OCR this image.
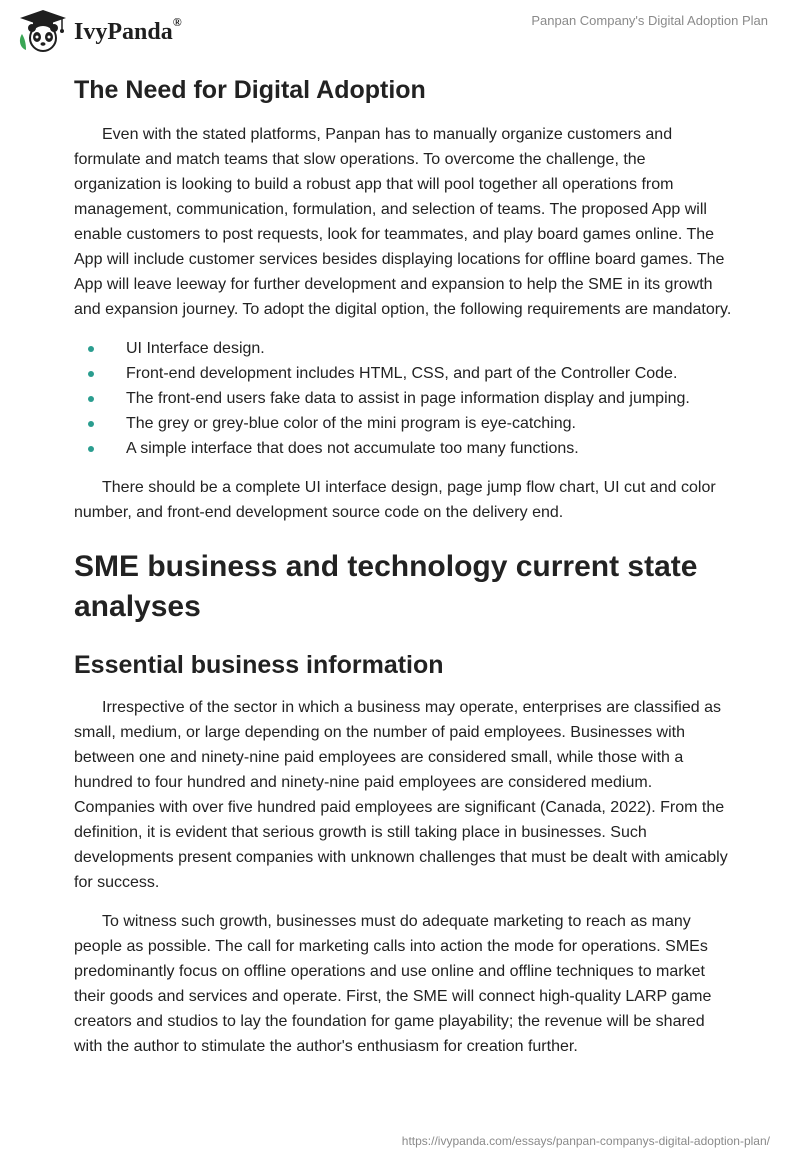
IvyPanda®	Panpan Company's Digital Adoption Plan
The Need for Digital Adoption

Even with the stated platforms, Panpan has to manually organize customers and formulate and match teams that slow operations. To overcome the challenge, the organization is looking to build a robust app that will pool together all operations from management, communication, formulation, and selection of teams. The proposed App will enable customers to post requests, look for teammates, and play board games online. The App will include customer services besides displaying locations for offline board games. The App will leave leeway for further development and expansion to help the SME in its growth and expansion journey. To adopt the digital option, the following requirements are mandatory.

UI Interface design.
Front-end development includes HTML, CSS, and part of the Controller Code.
The front-end users fake data to assist in page information display and jumping.
The grey or grey-blue color of the mini program is eye-catching.
A simple interface that does not accumulate too many functions.

There should be a complete UI interface design, page jump flow chart, UI cut and color number, and front-end development source code on the delivery end.

SME business and technology current state analyses
Essential business information

Irrespective of the sector in which a business may operate, enterprises are classified as small, medium, or large depending on the number of paid employees. Businesses with between one and ninety-nine paid employees are considered small, while those with a hundred to four hundred and ninety-nine paid employees are considered medium. Companies with over five hundred paid employees are significant (Canada, 2022). From the definition, it is evident that serious growth is still taking place in businesses. Such developments present companies with unknown challenges that must be dealt with amicably for success.

To witness such growth, businesses must do adequate marketing to reach as many people as possible. The call for marketing calls into action the mode for operations. SMEs predominantly focus on offline operations and use online and offline techniques to market their goods and services and operate. First, the SME will connect high-quality LARP game creators and studios to lay the foundation for game playability; the revenue will be shared with the author to stimulate the author's enthusiasm for creation further.

https://ivypanda.com/essays/panpan-companys-digital-adoption-plan/
